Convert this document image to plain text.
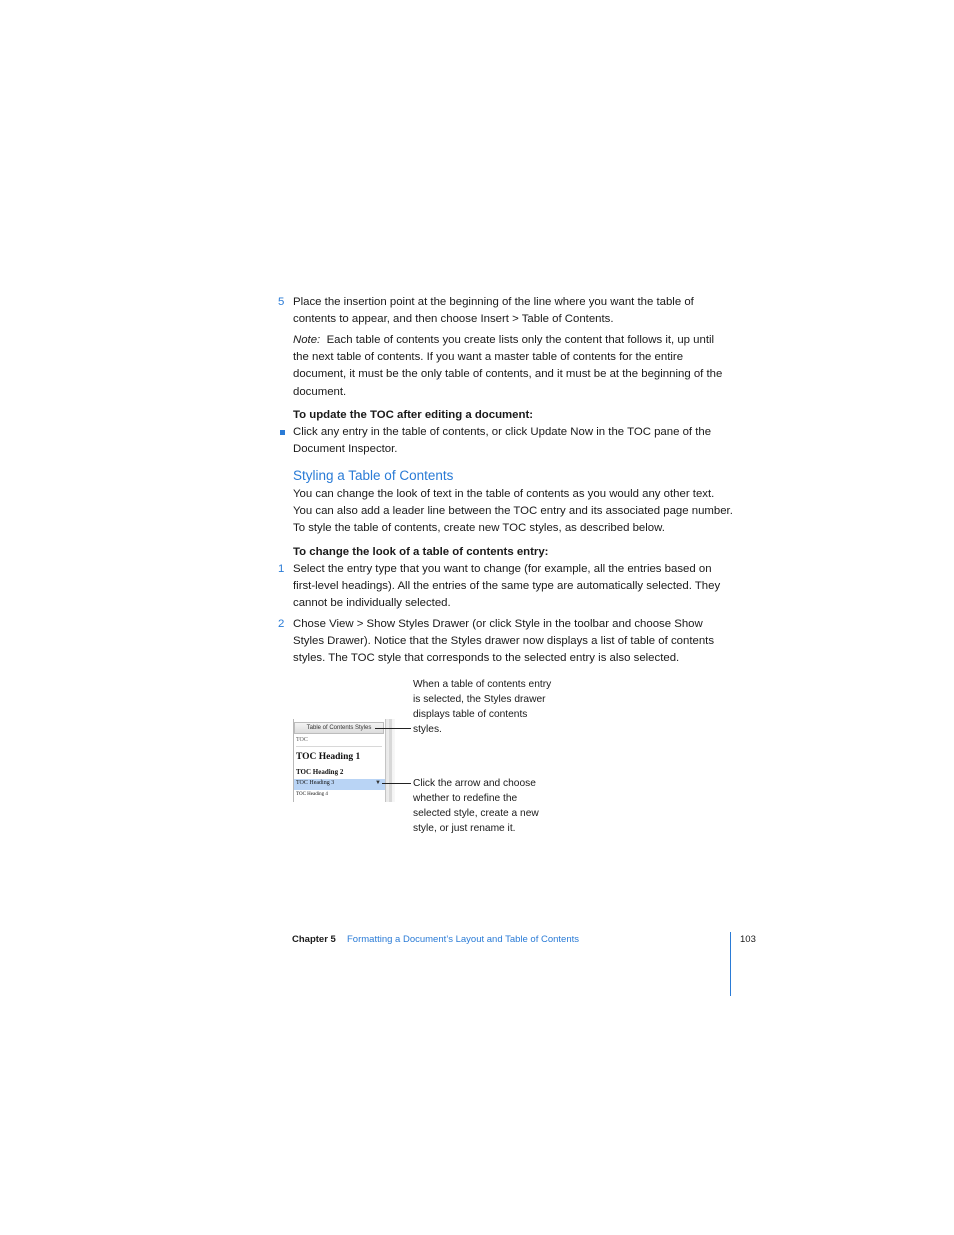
5 Place the insertion point at the beginning of the line where you want the table of contents to appear, and then choose Insert > Table of Contents.
Note: Each table of contents you create lists only the content that follows it, up until the next table of contents. If you want a master table of contents for the entire document, it must be the only table of contents, and it must be at the beginning of the document.
To update the TOC after editing a document:
Click any entry in the table of contents, or click Update Now in the TOC pane of the Document Inspector.
Styling a Table of Contents
You can change the look of text in the table of contents as you would any other text. You can also add a leader line between the TOC entry and its associated page number. To style the table of contents, create new TOC styles, as described below.
To change the look of a table of contents entry:
1 Select the entry type that you want to change (for example, all the entries based on first-level headings). All the entries of the same type are automatically selected. They cannot be individually selected.
2 Chose View > Show Styles Drawer (or click Style in the toolbar and choose Show Styles Drawer). Notice that the Styles drawer now displays a list of table of contents styles. The TOC style that corresponds to the selected entry is also selected.
Table of Contents Styles
TOC
TOC Heading 1
TOC Heading 2
TOC Heading 3	▼
TOC Heading 4
When a table of contents entry is selected, the Styles drawer displays table of contents styles.
Click the arrow and choose whether to redefine the selected style, create a new style, or just rename it.
Chapter 5 Formatting a Document’s Layout and Table of Contents	103
